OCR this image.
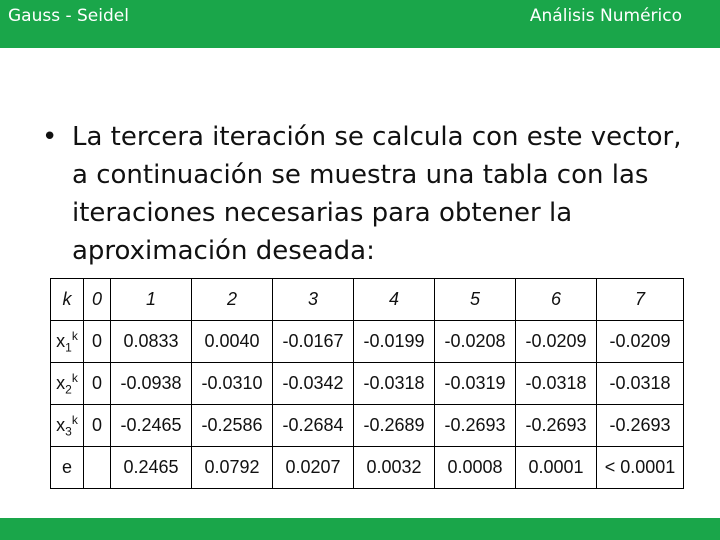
Gauss - Seidel	Análisis Numérico
• La tercera iteración se calcula con este vector, a continuación se muestra una tabla con las iteraciones necesarias para obtener la aproximación deseada:
k	0	1	2	3	4	5	6	7
$x_1^k$	0	0.0833	0.0040	-0.0167	-0.0199	-0.0208	-0.0209	-0.0209
$x_2^k$	0	-0.0938	-0.0310	-0.0342	-0.0318	-0.0319	-0.0318	-0.0318
$x_3^k$	0	-0.2465	-0.2586	-0.2684	-0.2689	-0.2693	-0.2693	-0.2693
e		0.2465	0.0792	0.0207	0.0032	0.0008	0.0001	< 0.0001
